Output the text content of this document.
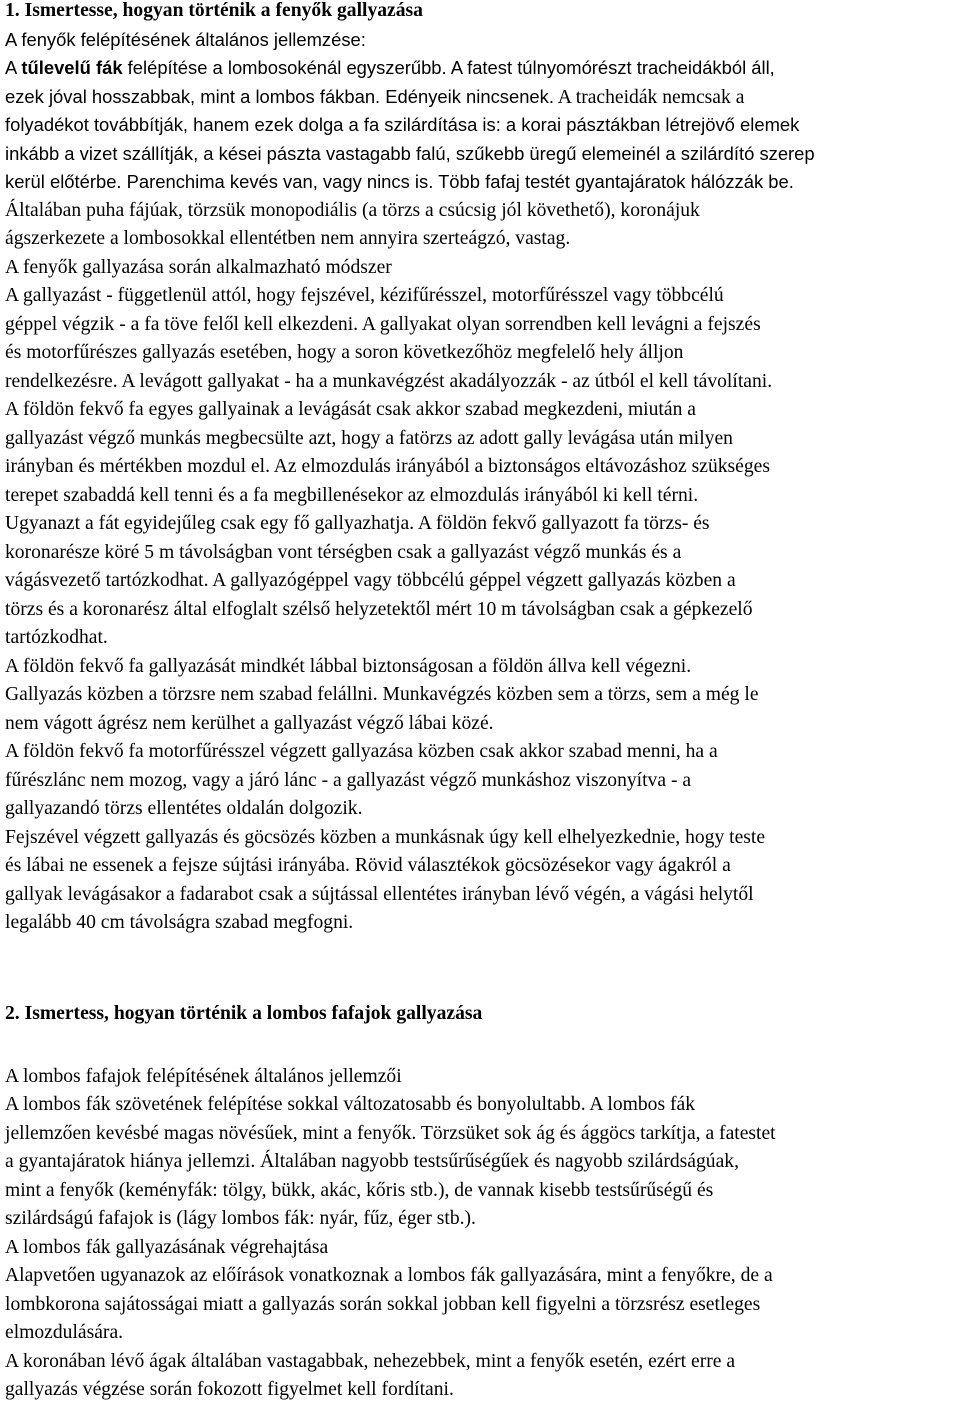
1. Ismertesse, hogyan történik a fenyők gallyazása
A fenyők felépítésének általános jellemzése:
A tűlevelű fák felépítése a lombosokénál egyszerűbb. A fatest túlnyomórészt tracheidákból áll,
ezek jóval hosszabbak, mint a lombos fákban. Edényeik nincsenek. A tracheidák nemcsak a
folyadékot továbbítják, hanem ezek dolga a fa szilárdítása is: a korai pásztákban létrejövő elemek
inkább a vizet szállítják, a kései pászta vastagabb falú, szűkebb üregű elemeinél a szilárdító szerep
kerül előtérbe. Parenchima kevés van, vagy nincs is. Több fafaj testét gyantajáratok hálózzák be.
Általában puha fájúak, törzsük monopodiális (a törzs a csúcsig jól követhető), koronájuk
ágszerkezete a lombosokkal ellentétben nem annyira szerteágzó, vastag.
A fenyők gallyazása során alkalmazható módszer
A gallyazást - függetlenül attól, hogy fejszével, kézifűrésszel, motorfűrésszel vagy többcélú
géppel végzik - a fa töve felől kell elkezdeni. A gallyakat olyan sorrendben kell levágni a fejszés
és motorfűrészes gallyazás esetében, hogy a soron következőhöz megfelelő hely álljon
rendelkezésre. A levágott gallyakat - ha a munkavégzést akadályozzák - az útból el kell távolítani.
A földön fekvő fa egyes gallyainak a levágását csak akkor szabad megkezdeni, miután a
gallyazást végző munkás megbecsülte azt, hogy a fatörzs az adott gally levágása után milyen
irányban és mértékben mozdul el. Az elmozdulás irányából a biztonságos eltávozáshoz szükséges
terepet szabaddá kell tenni és a fa megbillenésekor az elmozdulás irányából ki kell térni.
Ugyanazt a fát egyidejűleg csak egy fő gallyazhatja. A földön fekvő gallyazott fa törzs- és
koronarésze köré 5 m távolságban vont térségben csak a gallyazást végző munkás és a
vágásvezető tartózkodhat. A gallyazógéppel vagy többcélú géppel végzett gallyazás közben a
törzs és a koronarész által elfoglalt szélső helyzetektől mért 10 m távolságban csak a gépkezelő
tartózkodhat.
A földön fekvő fa gallyazását mindkét lábbal biztonságosan a földön állva kell végezni.
Gallyazás közben a törzsre nem szabad felállni. Munkavégzés közben sem a törzs, sem a még le
nem vágott ágrész nem kerülhet a gallyazást végző lábai közé.
A földön fekvő fa motorfűrésszel végzett gallyazása közben csak akkor szabad menni, ha a
fűrészlánc nem mozog, vagy a járó lánc - a gallyazást végző munkáshoz viszonyítva - a
gallyazandó törzs ellentétes oldalán dolgozik.
Fejszével végzett gallyazás és göcsözés közben a munkásnak úgy kell elhelyezkednie, hogy teste
és lábai ne essenek a fejsze sújtási irányába. Rövid választékok göcsözésekor vagy ágakról a
gallyak levágásakor a fadarabot csak a sújtással ellentétes irányban lévő végén, a vágási helytől
legalább 40 cm távolságra szabad megfogni.
2. Ismertess, hogyan történik a lombos fafajok gallyazása
A lombos fafajok felépítésének általános jellemzői
A lombos fák szövetének felépítése sokkal változatosabb és bonyolultabb. A lombos fák
jellemzően kevésbé magas növésűek, mint a fenyők. Törzsüket sok ág és ággöcs tarkítja, a fatestet
a gyantajáratok hiánya jellemzi. Általában nagyobb testsűrűségűek és nagyobb szilárdságúak,
mint a fenyők (keményfák: tölgy, bükk, akác, kőris stb.), de vannak kisebb testsűrűségű és
szilárdságú fafajok is (lágy lombos fák: nyár, fűz, éger stb.).
A lombos fák gallyazásának végrehajtása
Alapvetően ugyanazok az előírások vonatkoznak a lombos fák gallyazására, mint a fenyőkre, de a
lombkorona sajátosságai miatt a gallyazás során sokkal jobban kell figyelni a törzsrész esetleges
elmozdulására.
A koronában lévő ágak általában vastagabbak, nehezebbek, mint a fenyők esetén, ezért erre a
gallyazás végzése során fokozott figyelmet kell fordítani.
